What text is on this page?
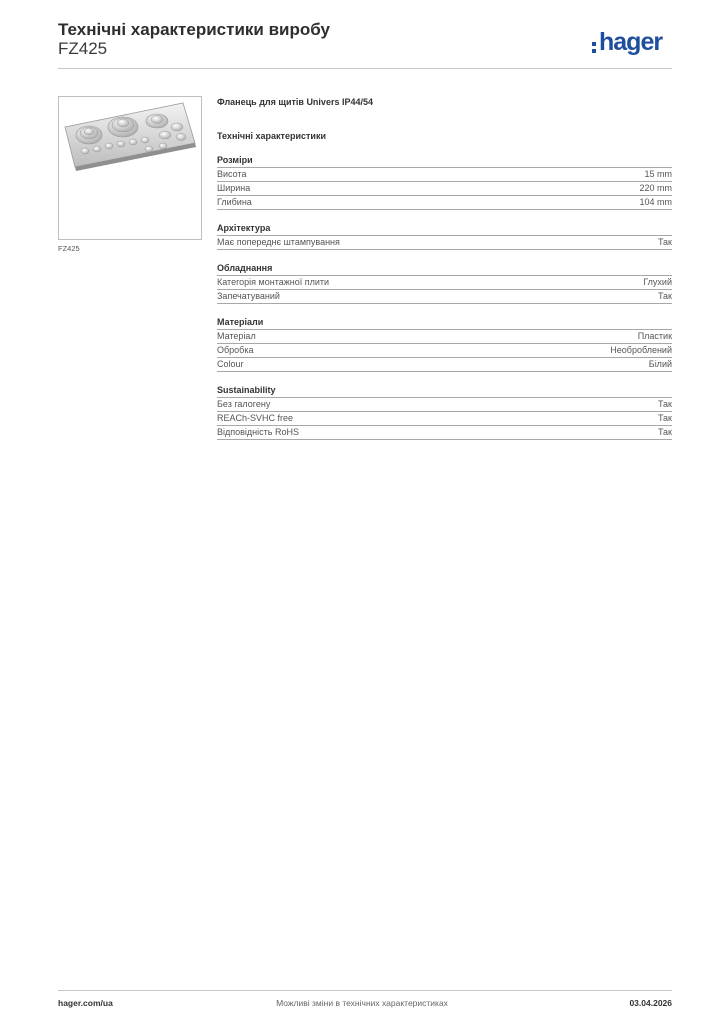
Технічні характеристики виробу
FZ425	hager
FZ425
Фланець для щитів Univers IP44/54
Технічні характеристики
Розміри
Висота	15 mm
Ширина	220 mm
Глибина	104 mm
Архітектура
Має попереднє штампування	Так
Обладнання
Категорія монтажної плити	Глухий
Запечатуваний	Так
Матеріали
Матеріал	Пластик
Обробка	Необроблений
Colour	Білий
Sustainability
Без галогену	Так
REACh-SVHC free	Так
Відповідність RoHS	Так
Можливі зміни в технічних характеристиках
hager.com/ua	03.04.2026
